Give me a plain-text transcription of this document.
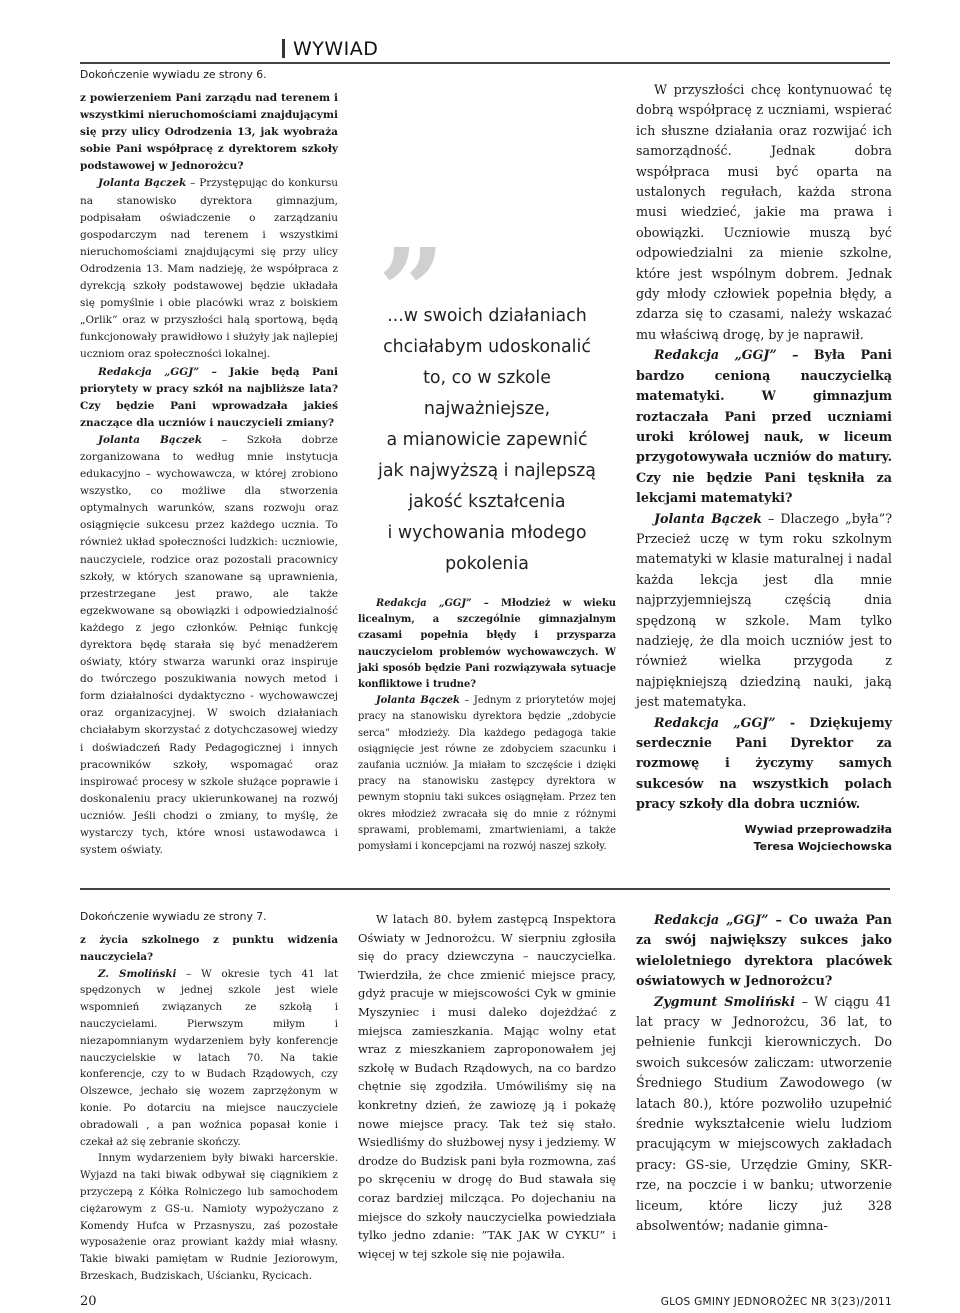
WYWIAD

Dokończenie wywiadu ze strony 6.

z powierzeniem Pani zarządu nad terenem i wszystkimi nieruchomościami znajdującymi się przy ulicy Odrodzenia 13, jak wyobraża sobie Pani współpracę z dyrektorem szkoły podstawowej w Jednorożcu?

Jolanta Bączek – Przystępując do konkursu na stanowisko dyrektora gimnazjum, podpisałam oświadczenie o zarządzaniu gospodarczym nad terenem i wszystkimi nieruchomościami znajdującymi się przy ulicy Odrodzenia 13. Mam nadzieję, że współpraca z dyrekcją szkoły podstawowej będzie układała się pomyślnie i obie placówki wraz z boiskiem „Orlik” oraz w przyszłości halą sportową, będą funkcjonowały prawidłowo i służyły jak najlepiej uczniom oraz społeczności lokalnej.

Redakcja „GGJ” – Jakie będą Pani priorytety w pracy szkół na najbliższe lata? Czy będzie Pani wprowadzała jakieś znaczące dla uczniów i nauczycieli zmiany?

Jolanta Bączek – Szkoła dobrze zorganizowana to według mnie instytucja edukacyjno – wychowawcza, w której zrobiono wszystko, co możliwe dla stworzenia optymalnych warunków, szans rozwoju oraz osiągnięcie sukcesu przez każdego ucznia. To również układ społeczności ludzkich: uczniowie, nauczyciele, rodzice oraz pozostali pracownicy szkoły, w których szanowane są uprawnienia, przestrzegane jest prawo, ale także egzekwowane są obowiązki i odpowiedzialność każdego z jego członków. Pełniąc funkcję dyrektora będę starała się być menadżerem oświaty, który stwarza warunki oraz inspiruje do twórczego poszukiwania nowych metod i form działalności dydaktyczno - wychowawczej oraz organizacyjnej. W swoich działaniach chciałabym skorzystać z dotychczasowej wiedzy i doświadczeń Rady Pedagogicznej i innych pracowników szkoły, wspomagać oraz inspirować procesy w szkole służące poprawie i doskonaleniu pracy ukierunkowanej na rozwój uczniów. Jeśli chodzi o zmiany, to myślę, że wystarczy tych, które wnosi ustawodawca i system oświaty.

”
...w swoich działaniach
chciałabym udoskonalić
to, co w szkole
najważniejsze,
a mianowicie zapewnić
jak najwyższą i najlepszą
jakość kształcenia
i wychowania młodego
pokolenia

Redakcja „GGJ” – Młodzież w wieku licealnym, a szczególnie gimnazjalnym czasami popełnia błędy i przysparza nauczycielom problemów wychowawczych. W jaki sposób będzie Pani rozwiązywała sytuacje konfliktowe i trudne?

Jolanta Bączek – Jednym z priorytetów mojej pracy na stanowisku dyrektora będzie „zdobycie serca” młodzieży. Dla każdego pedagoga takie osiągnięcie jest równe ze zdobyciem szacunku i zaufania uczniów. Ja miałam to szczęście i dzięki pracy na stanowisku zastępcy dyrektora w pewnym stopniu taki sukces osiągnęłam. Przez ten okres młodzież zwracała się do mnie z różnymi sprawami, problemami, zmartwieniami, a także pomysłami i koncepcjami na rozwój naszej szkoły.

W przyszłości chcę kontynuować tę dobrą współpracę z uczniami, wspierać ich słuszne działania oraz rozwijać ich samorządność. Jednak dobra współpraca musi być oparta na ustalonych regułach, każda strona musi wiedzieć, jakie ma prawa i obowiązki. Uczniowie muszą być odpowiedzialni za mienie szkolne, które jest wspólnym dobrem. Jednak gdy młody człowiek popełnia błędy, a zdarza się to czasami, należy wskazać mu właściwą drogę, by je naprawił.

Redakcja „GGJ” – Była Pani bardzo cenioną nauczycielką matematyki. W gimnazjum roztaczała Pani przed uczniami uroki królowej nauk, w liceum przygotowywała uczniów do matury. Czy nie będzie Pani tęskniła za lekcjami matematyki?

Jolanta Bączek – Dlaczego „była”? Przecież uczę w tym roku szkolnym matematyki w klasie maturalnej i nadal każda lekcja jest dla mnie najprzyjemniejszą częścią dnia spędzoną w szkole. Mam tylko nadzieję, że dla moich uczniów jest to również wielka przygoda z najpiękniejszą dziedziną nauki, jaką jest matematyka.

Redakcja „GGJ” - Dziękujemy serdecznie Pani Dyrektor za rozmowę i życzymy samych sukcesów na wszystkich polach pracy szkoły dla dobra uczniów.

Wywiad przeprowadziła
Teresa Wojciechowska

Dokończenie wywiadu ze strony 7.

z życia szkolnego z punktu widzenia nauczyciela?

Z. Smoliński – W okresie tych 41 lat spędzonych w jednej szkole jest wiele wspomnień związanych ze szkołą i nauczycielami. Pierwszym miłym i niezapomnianym wydarzeniem były konferencje nauczycielskie w latach 70. Na takie konferencje, czy to w Budach Rządowych, czy Olszewce, jechało się wozem zaprzężonym w konie. Po dotarciu na miejsce nauczyciele obradowali , a pan woźnica popasał konie i czekał aż się zebranie skończy.

Innym wydarzeniem były biwaki harcerskie. Wyjazd na taki biwak odbywał się ciągnikiem z przyczepą z Kółka Rolniczego lub samochodem ciężarowym z GS-u. Namioty wypożyczano z Komendy Hufca w Przasnyszu, zaś pozostałe wyposażenie oraz prowiant każdy miał własny. Takie biwaki pamiętam w Rudnie Jeziorowym, Brzeskach, Budziskach, Uścianku, Rycicach.

W latach 80. byłem zastępcą Inspektora Oświaty w Jednorożcu. W sierpniu zgłosiła się do pracy dziewczyna – nauczycielka. Twierdziła, że chce zmienić miejsce pracy, gdyż pracuje w miejscowości Cyk w gminie Myszyniec i musi daleko dojeżdżać z miejsca zamieszkania. Mając wolny etat wraz z mieszkaniem zaproponowałem jej szkołę w Budach Rządowych, na co bardzo chętnie się zgodziła. Umówiliśmy się na konkretny dzień, że zawiozę ją i pokażę nowe miejsce pracy. Tak też się stało. Wsiedliśmy do służbowej nysy i jedziemy. W drodze do Budzisk pani była rozmowna, zaś po skręceniu w drogę do Bud stawała się coraz bardziej milcząca. Po dojechaniu na miejsce do szkoły nauczycielka powiedziała tylko jedno zdanie: ”TAK JAK W CYKU” i więcej w tej szkole się nie pojawiła.

Redakcja „GGJ” – Co uważa Pan za swój największy sukces jako wieloletniego dyrektora placówek oświatowych w Jednorożcu?

Zygmunt Smoliński – W ciągu 41 lat pracy w Jednorożcu, 36 lat, to pełnienie funkcji kierowniczych. Do swoich sukcesów zaliczam: utworzenie Średniego Studium Zawodowego (w latach 80.), które pozwoliło uzupełnić średnie wykształcenie wielu ludziom pracującym w miejscowych zakładach pracy: GS-sie, Urzędzie Gminy, SKR- rze, na poczcie i w banku; utworzenie liceum, które liczy już 328 absolwentów; nadanie gimna-

20	GLOS GMINY JEDNOROŻEC NR 3(23)/2011
